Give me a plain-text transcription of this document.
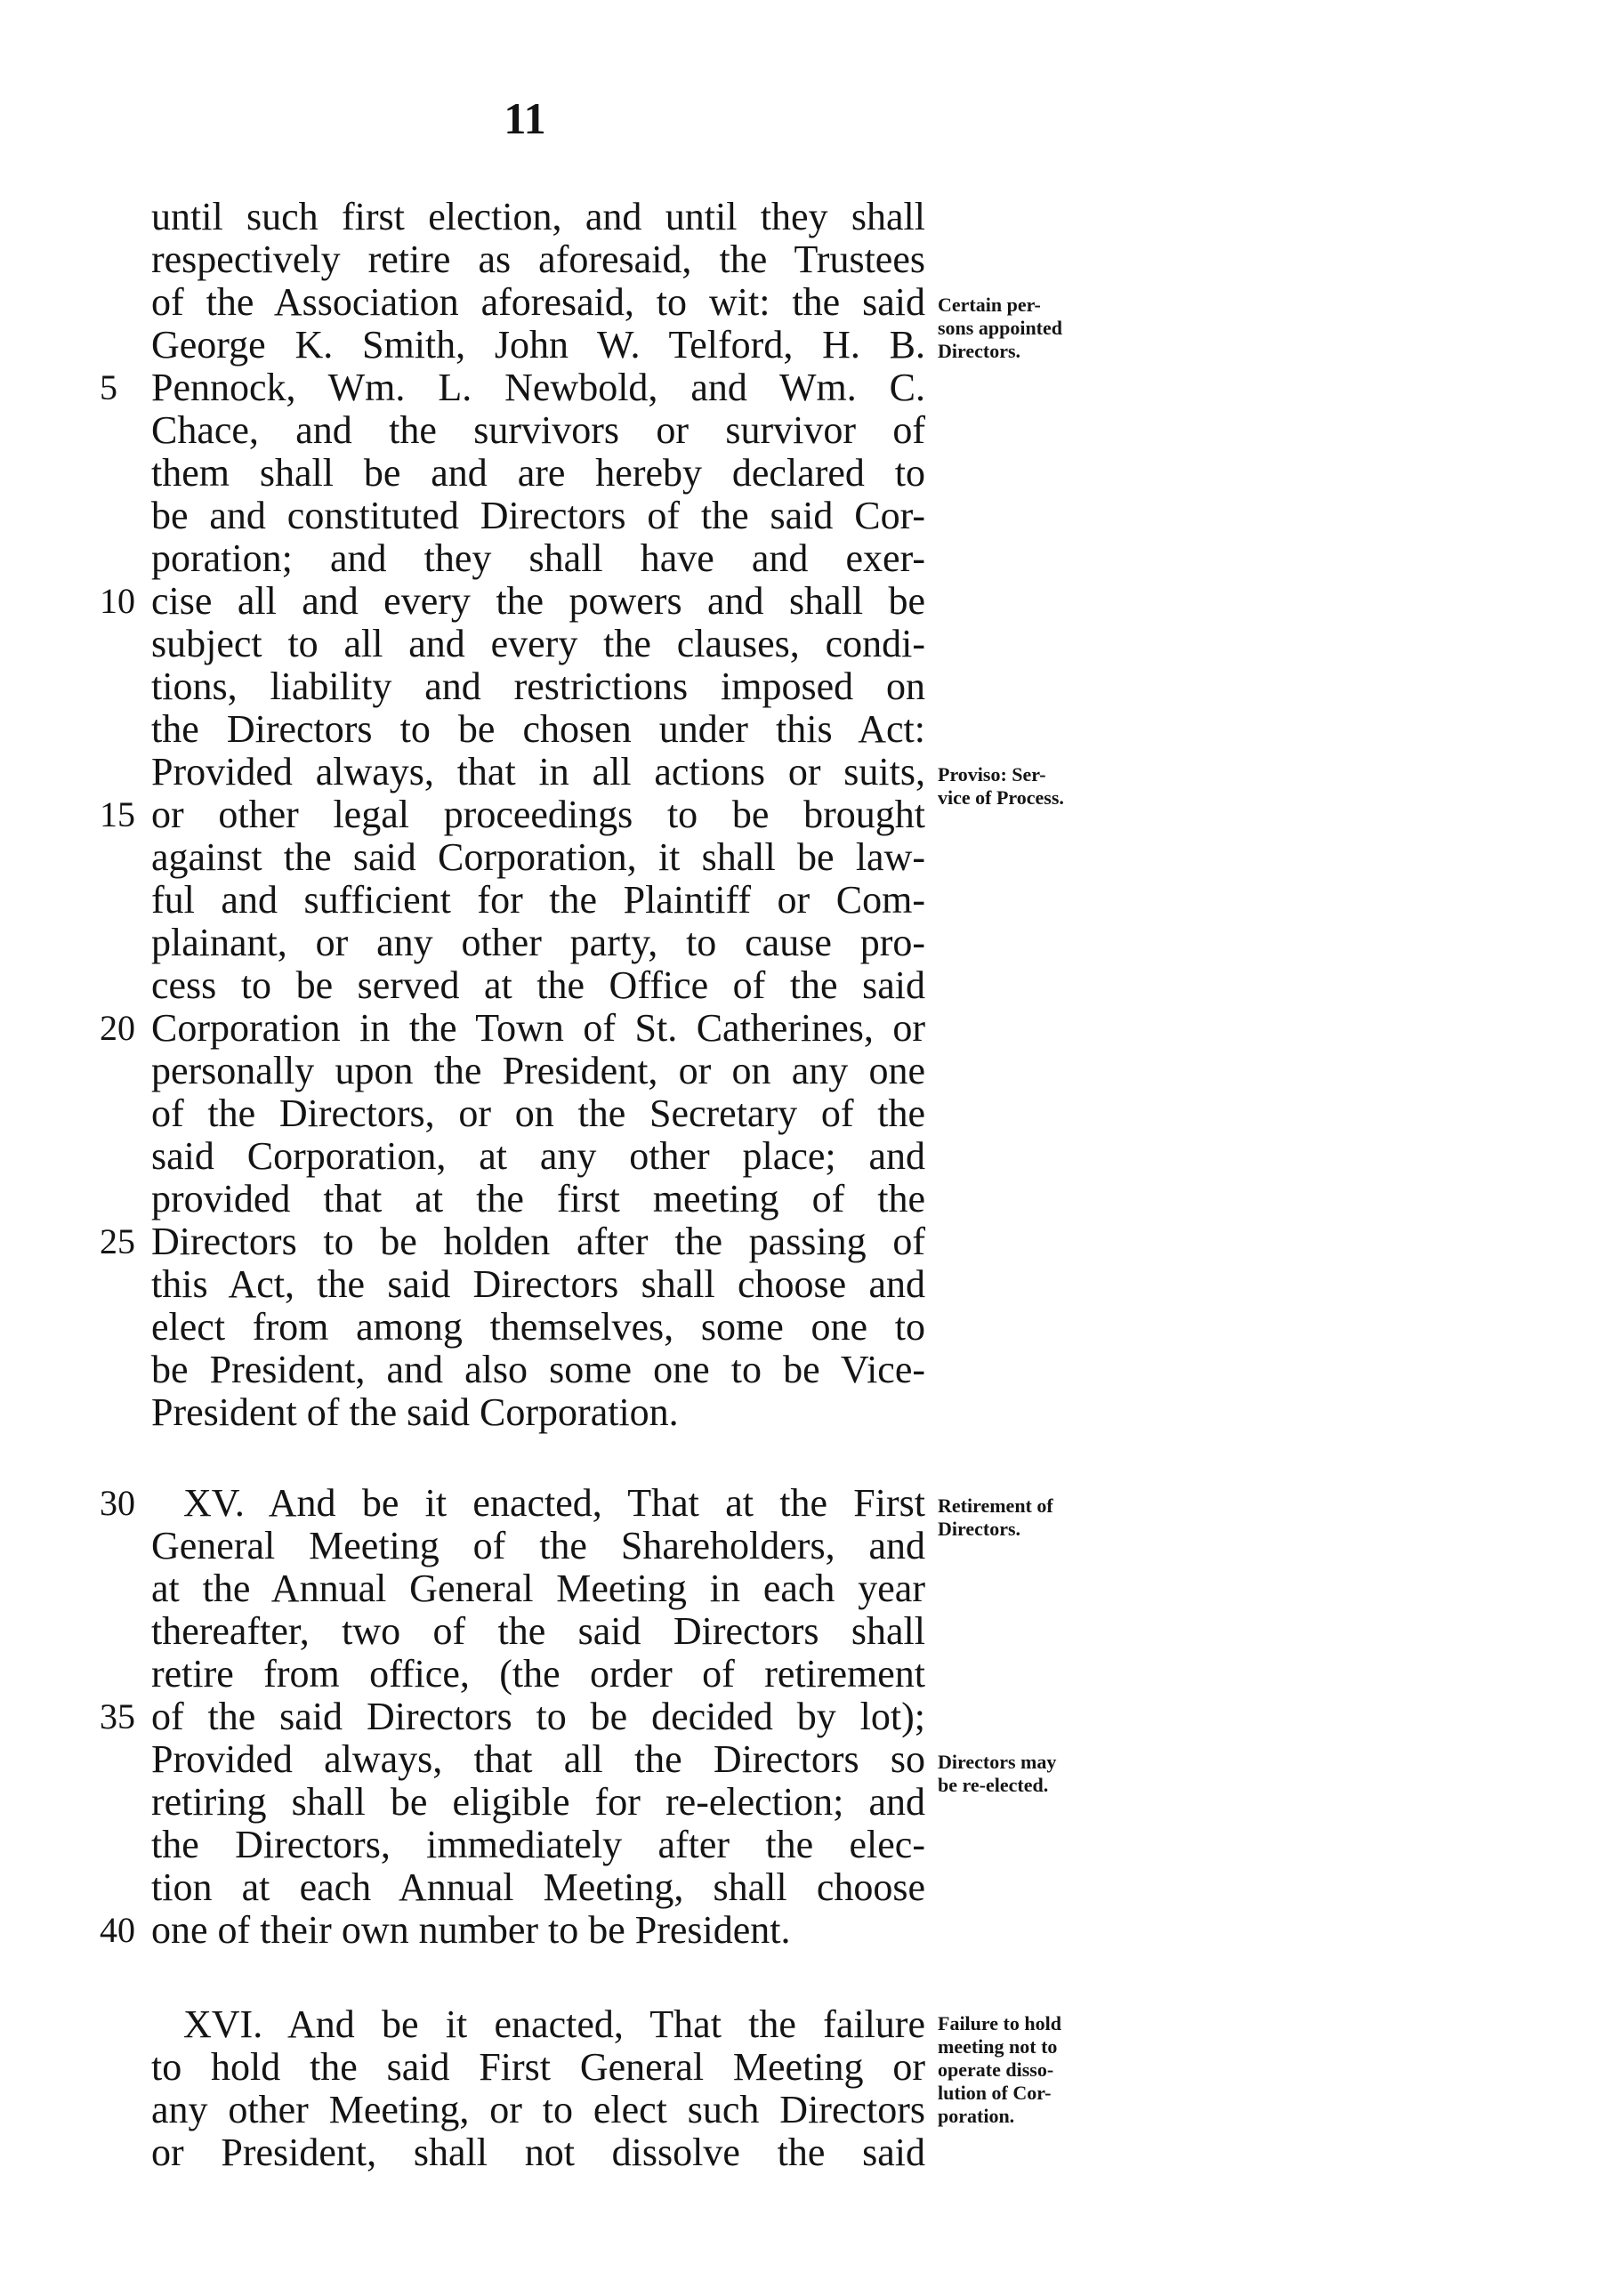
11
until such first election, and until they shall
respectively retire as aforesaid, the Trustees
of the Association aforesaid, to wit: the said
George K. Smith, John W. Telford, H. B.
5 Pennock, Wm. L. Newbold, and Wm. C.
Chace, and the survivors or survivor of
them shall be and are hereby declared to
be and constituted Directors of the said Cor-
poration; and they shall have and exer-
10 cise all and every the powers and shall be
subject to all and every the clauses, condi-
tions, liability and restrictions imposed on
the Directors to be chosen under this Act:
Provided always, that in all actions or suits,
15 or other legal proceedings to be brought
against the said Corporation, it shall be law-
ful and sufficient for the Plaintiff or Com-
plainant, or any other party, to cause pro-
cess to be served at the Office of the said
20 Corporation in the Town of St. Catherines, or
personally upon the President, or on any one
of the Directors, or on the Secretary of the
said Corporation, at any other place; and
provided that at the first meeting of the
25 Directors to be holden after the passing of
this Act, the said Directors shall choose and
elect from among themselves, some one to
be President, and also some one to be Vice-
President of the said Corporation.
30	XV. And be it enacted, That at the First
General Meeting of the Shareholders, and
at the Annual General Meeting in each year
thereafter, two of the said Directors shall
retire from office, (the order of retirement
35 of the said Directors to be decided by lot);
Provided always, that all the Directors so
retiring shall be eligible for re-election; and
the Directors, immediately after the elec-
tion at each Annual Meeting, shall choose
40 one of their own number to be President.
XVI. And be it enacted, That the failure
to hold the said First General Meeting or
any other Meeting, or to elect such Directors
or President, shall not dissolve the said
Certain per-
sons appointed
Directors.
Proviso: Ser-
vice of Process.
Retirement of
Directors.
Directors may
be re-elected.
Failure to hold
meeting not to
operate disso-
lution of Cor-
poration.
